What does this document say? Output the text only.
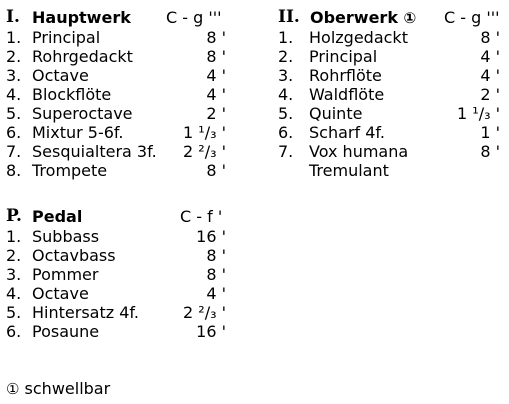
I. Hauptwerk C - g '''
1. Principal	8 '
2. Rohrgedackt	8 '
3. Octave	4 '
4. Blockflöte	4 '
5. Superoctave	2 '
6. Mixtur 5-6f.	1 ¹/₃ '
7. Sesquialtera 3f.	2 ²/₃ '
8. Trompete	8 '
II. Oberwerk ① C - g '''
1. Holzgedackt	8 '
2. Principal	4 '
3. Rohrflöte	4 '
4. Waldflöte	2 '
5. Quinte	1 ¹/₃ '
6. Scharf 4f.	1 '
7. Vox humana	8 '
Tremulant
P. Pedal	C - f '
1. Subbass	16 '
2. Octavbass	8 '
3. Pommer	8 '
4. Octave	4 '
5. Hintersatz 4f.	2 ²/₃ '
6. Posaune	16 '
① schwellbar
